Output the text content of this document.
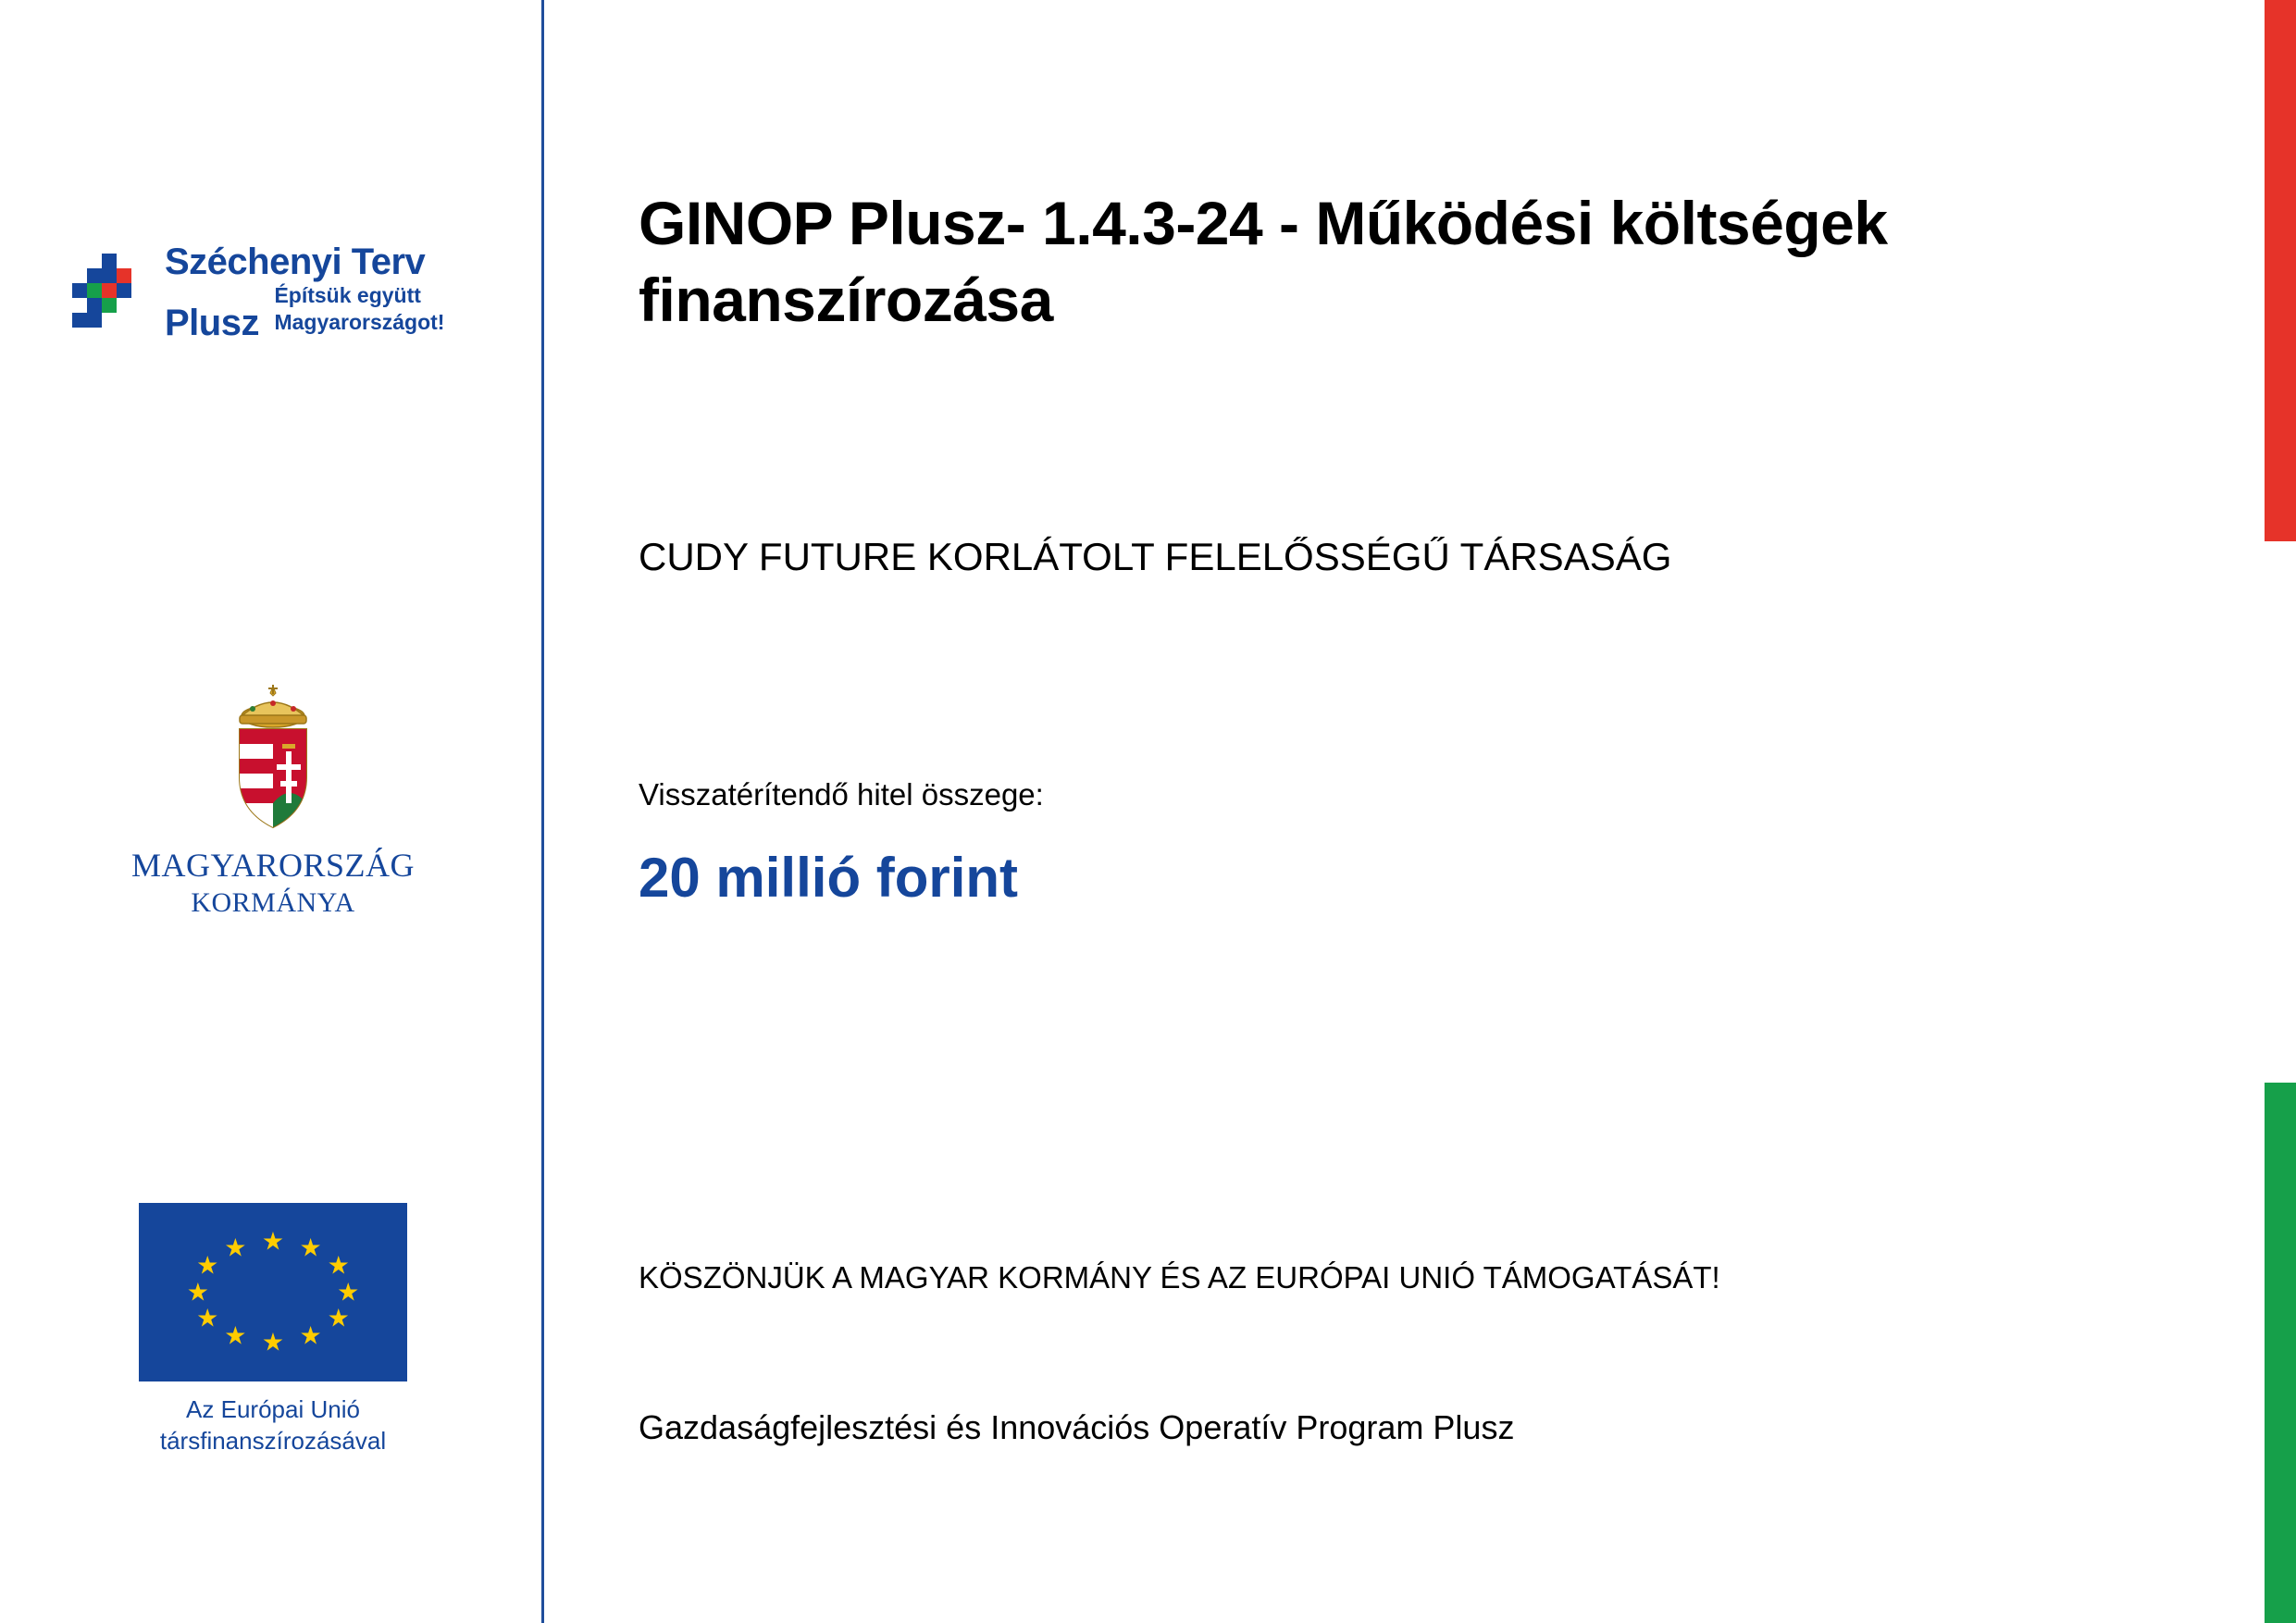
Széchenyi Terv
Plusz Építsük együtt
Magyarországot!
MAGYARORSZÁG
KORMÁNYA
★ ★
★
★
★
★
★
★
★
★
★
★
Az Európai Unió
társfinanszírozásával
GINOP Plusz- 1.4.3-24 - Működési költségek finanszírozása
CUDY FUTURE KORLÁTOLT FELELŐSSÉGŰ TÁRSASÁG
Visszatérítendő hitel összege:
20 millió forint
KÖSZÖNJÜK A MAGYAR KORMÁNY ÉS AZ EURÓPAI UNIÓ TÁMOGATÁSÁT!
Gazdaságfejlesztési és Innovációs Operatív Program Plusz
